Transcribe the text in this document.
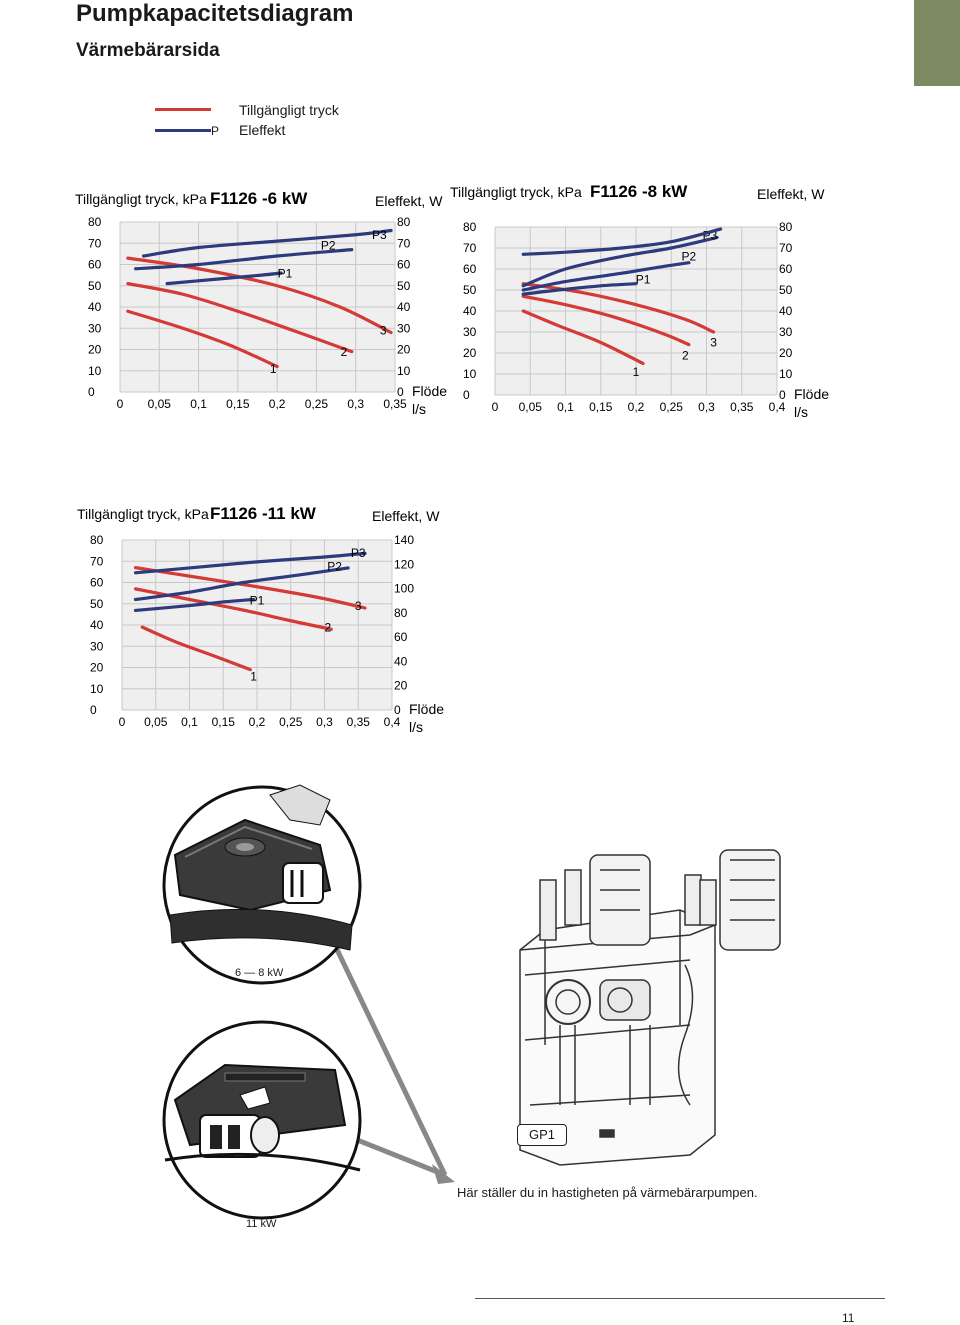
Pumpkapacitetsdiagram
Värmebärarsida
P
Tillgängligt tryck
Eleffekt
Tillgängligt tryck, kPa F1126 -6 kW	Eleffekt, W
0 0,05 0,1 0,15 0,2 0,25 0,3 0,35
0
10
20
30
40
50
60
70
80
0
10
20
30
40
50
60
70
80
Flöde
l/s
3
2
1
P3
P2
P1
Tillgängligt tryck, kPa F1126 -8 kW	Eleffekt, W
0 0,05 0,1 0,15 0,2 0,25 0,3 0,35 0,4
0
10
20
30
40
50
60
70
80
0
10
20
30
40
50
60
70
80
Flöde
l/s
3
2
1
P3
P2
P1
Tillgängligt tryck, kPa F1126 -11 kW	Eleffekt, W
0 0,05 0,1 0,15 0,2 0,25 0,3 0,35 0,4
0
10
20
30
40
50
60
70
80
0
20
40
60
80
100
120
140
Flöde
l/s
3
2
1
P3
P2
P1
GRUNDFOS
6 — 8 kW
11 kW
GP1
Här ställer du in hastigheten på värmebärarpumpen.
11
